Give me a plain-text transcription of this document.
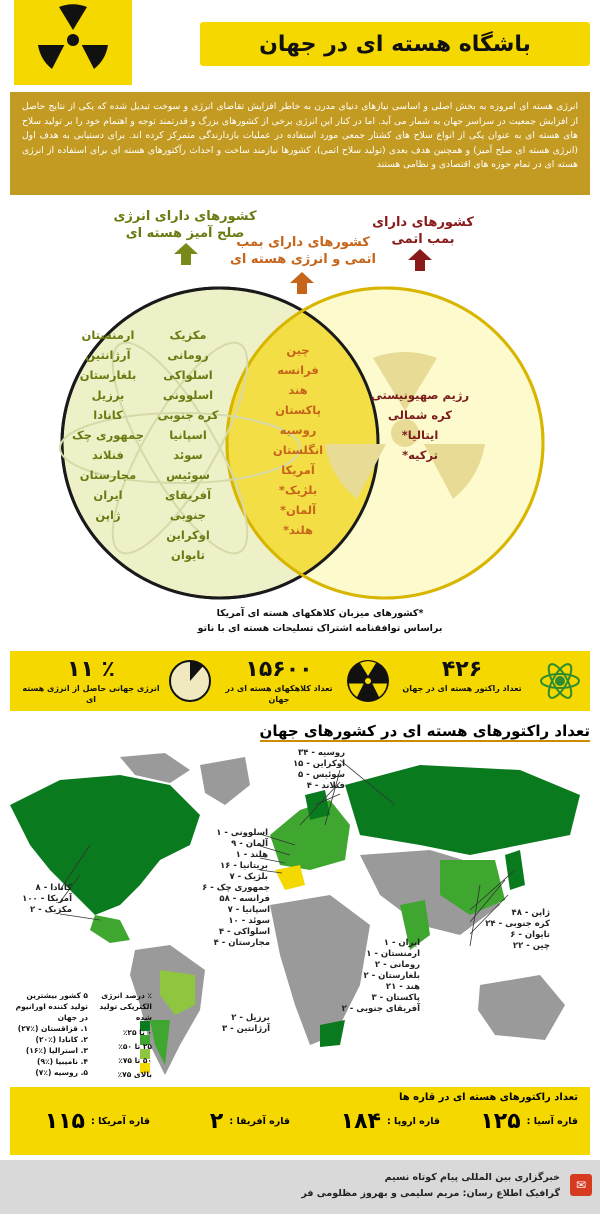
باشگاه هسته ای در جهان
انرژی هسته ای امروزه به بخش اصلی و اساسی نیازهای دنیای مدرن به خاطر افزایش تقاضای انرژی و سوخت تبدیل شده که یکی از نتایج حاصل از افزایش جمعیت در سراسر جهان به شمار می آید. اما در کنار این انرژی برخی از کشورهای بزرگ و قدرتمند توجه و اهتمام خود را بر تولید سلاح های هسته ای به عنوان یکی از انواع سلاح های کشتار جمعی مورد استفاده در عملیات بازدارندگی متمرکز کرده اند. برای دستیابی به هدف اول (انرژی هسته ای صلح آمیز) و همچنین هدف بعدی (تولید سلاح اتمی)، کشورها نیازمند ساخت و احداث رآکتورهای هسته ای برای استفاده از انرژی هسته ای در تمام حوزه های اقتصادی و نظامی هستند
کشورهای دارای انرژی صلح آمیز هسته ای
کشورهای دارای بمب اتمی و انرژی هسته ای
کشورهای دارای بمب اتمی
مکزیک
رومانی
اسلواکی
اسلوونی
کره جنوبی
اسپانیا
سوئد
سوئیس
آفریقای جنوبی
اوکراین
تایوان
ارمنستان
آرژانتین
بلغارستان
برزیل
کانادا
جمهوری چک
فنلاند
مجارستان
ایران
ژاپن
چین
فرانسه
هند
پاکستان
روسیه
انگلستان
آمریکا
بلژیک*
آلمان*
هلند*
رژیم صهیونیستی
کره شمالی
ایتالیا*
ترکیه*
*کشورهای میزبان کلاهکهای هسته ای آمریکا
براساس توافقنامه اشتراک تسلیحات هسته ای با ناتو
۴۲۶
تعداد راکتور هسته ای در جهان
۱۵۶۰۰
تعداد کلاهکهای هسته ای در جهان
٪ ۱۱
انرژی جهانی حاصل از انرژی هسته ای
تعداد راکتورهای هسته ای در کشورهای جهان
روسیه - ۳۴
اوکراین - ۱۵
سوئیس - ۵
فنلاند - ۴
اسلوونی - ۱
آلمان - ۹
هلند - ۱
بریتانیا - ۱۶
بلژیک - ۷
جمهوری چک - ۶
فرانسه - ۵۸
اسپانیا - ۷
سوئد - ۱۰
اسلواکی - ۴
مجارستان - ۴
کانادا - ۸
آمریکا - ۱۰۰
مکزیک - ۲
ایران - ۱
ارمنستان - ۱
رومانی - ۲
بلغارستان - ۲
هند - ۲۱
پاکستان - ۳
آفریقای جنوبی - ۲
ژاپن - ۴۸
کره جنوبی - ۲۴
تایوان - ۶
چین - ۲۲
برزیل - ۲
آرژانتین - ۳
۵ کشور بیشترین تولید کننده اورانیوم در جهان
۱. قزاقستان (٪۲۷)
۲. کانادا (٪۲۰)
۳. استرالیا (٪۱۶)
۴. نامیبیا (٪۹)
۵. روسیه (٪۷)
٪ درصد انرژی الکتریکی تولید شده
۰ تا ۲۵٪
۲۵ تا ۵۰٪
۵۰ تا ۷۵٪
بالای ۷۵٪
تعداد راکتورهای هسته ای در قاره ها
قاره آسیا :
۱۲۵
قاره اروپا :
۱۸۴
قاره آفریقا :
۲
قاره آمریکا :
۱۱۵
✉
خبرگزاری بین المللی پیام کوتاه نسیم
گرافیک اطلاع رسان: مریم سلیمی و بهروز مظلومی فر
